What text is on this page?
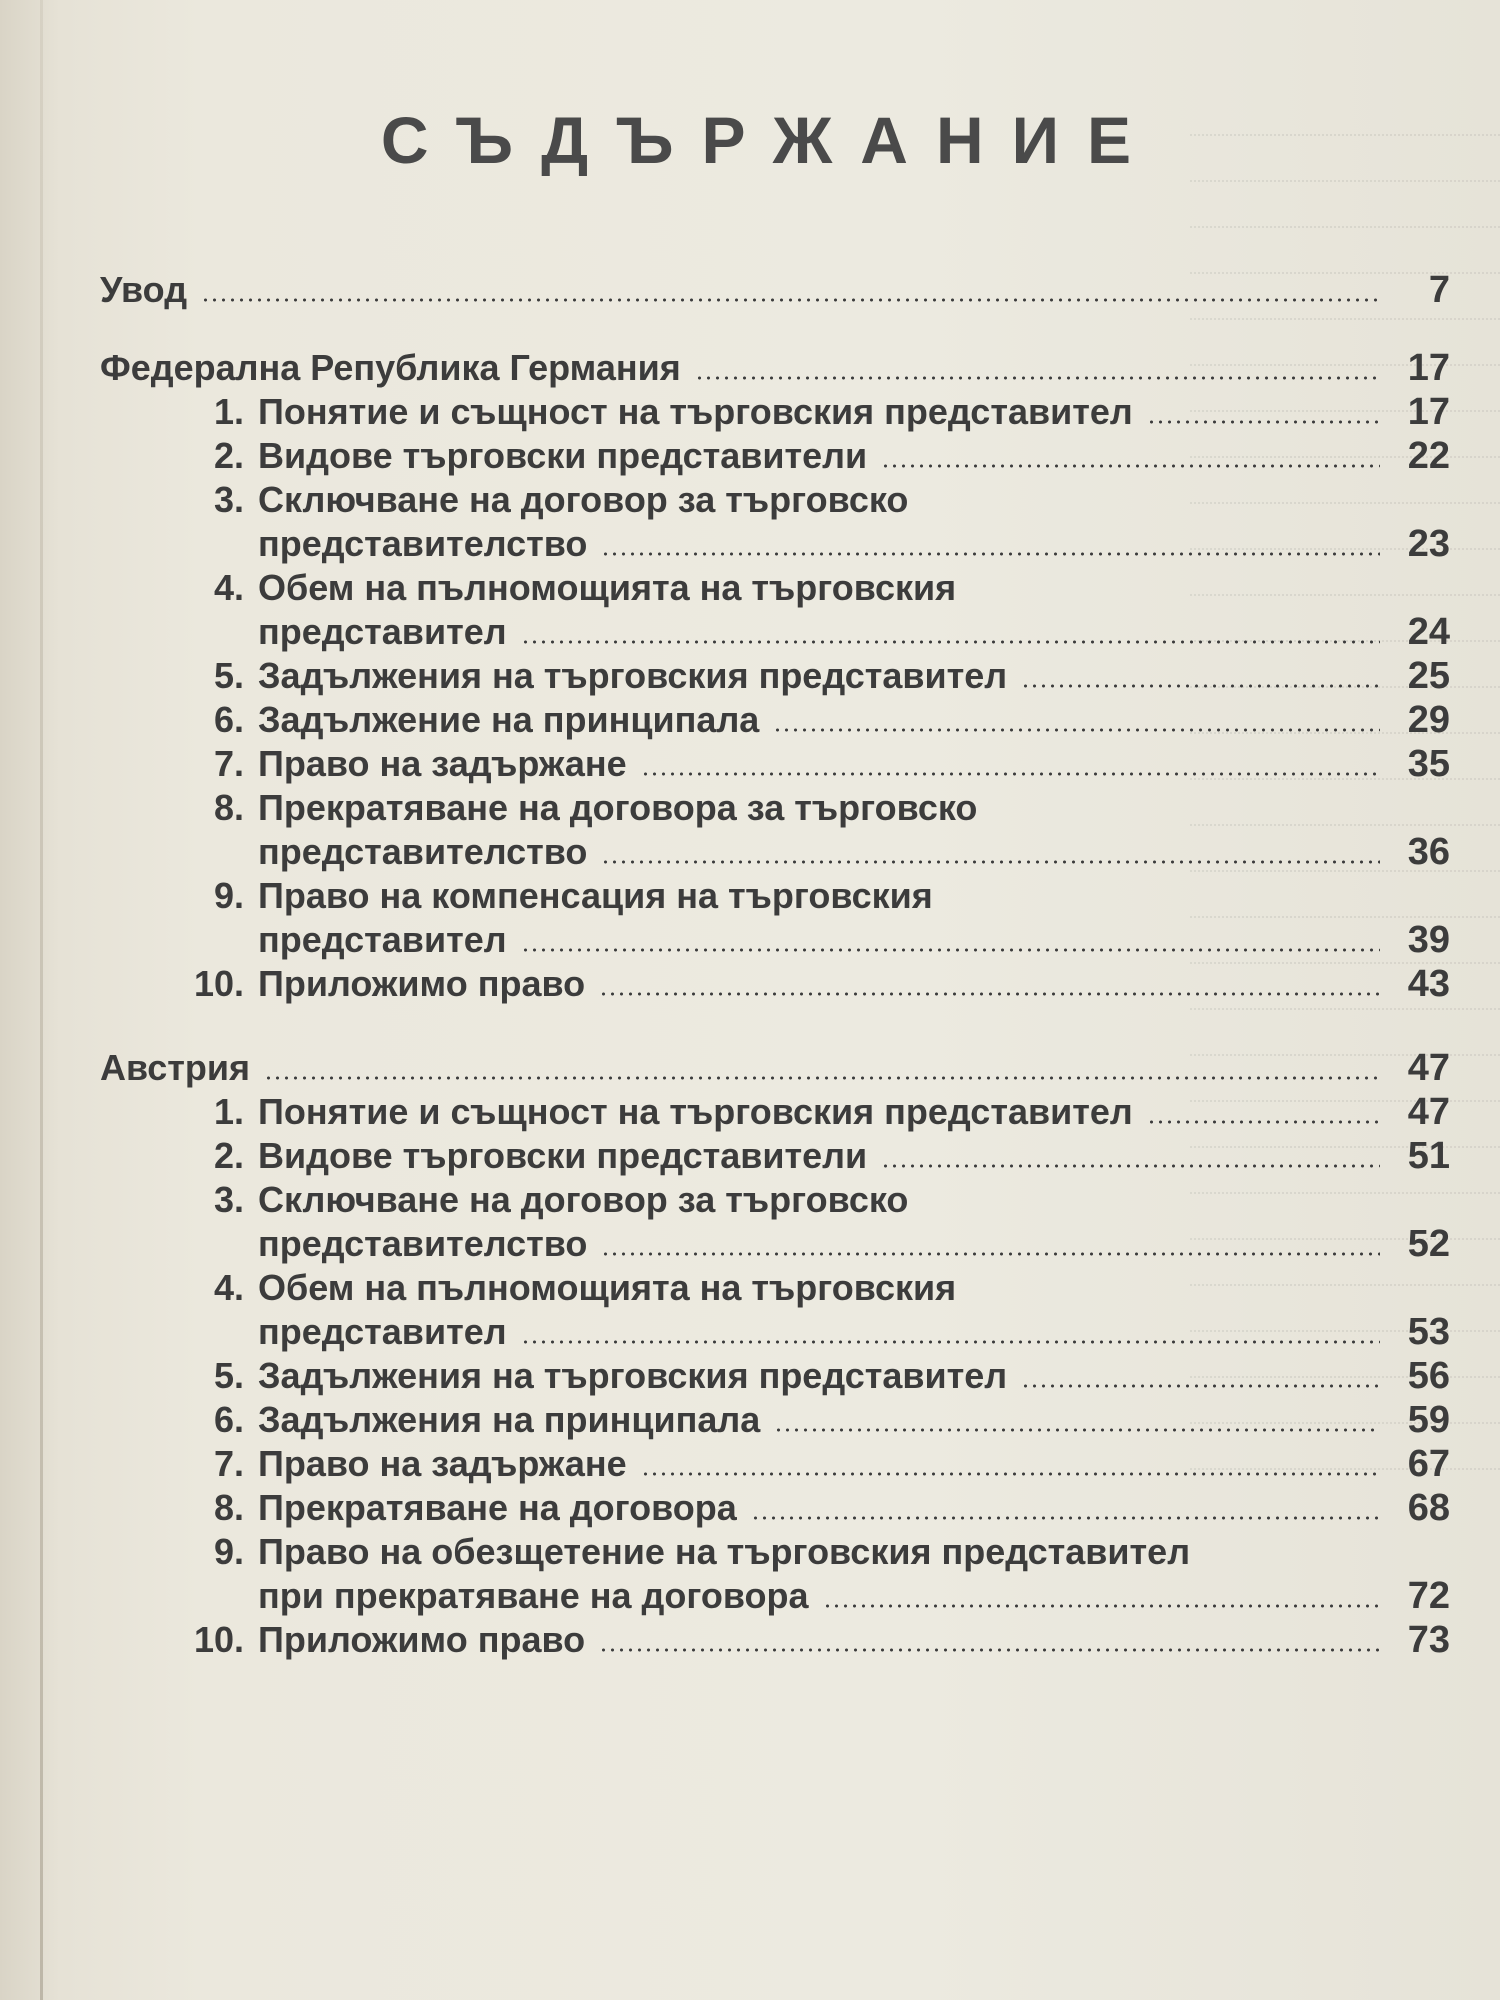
СЪДЪРЖАНИЕ
Увод	7
Федерална Република Германия	17
1. Понятие и същност на търговския представител	17
2. Видове търговски представители	22
3. Сключване на договор за търговско
представителство	23
4. Обем на пълномощията на търговския
представител	24
5. Задължения на търговския представител	25
6. Задължение на принципала	29
7. Право на задържане	35
8. Прекратяване на договора за търговско
представителство	36
9. Право на компенсация на търговския
представител	39
10. Приложимо право	43
Австрия	47
1. Понятие и същност на търговския представител	47
2. Видове търговски представители	51
3. Сключване на договор за търговско
представителство	52
4. Обем на пълномощията на търговския
представител	53
5. Задължения на търговския представител	56
6. Задължения на принципала	59
7. Право на задържане	67
8. Прекратяване на договора	68
9. Право на обезщетение на търговския представител
при прекратяване на договора	72
10. Приложимо право	73
